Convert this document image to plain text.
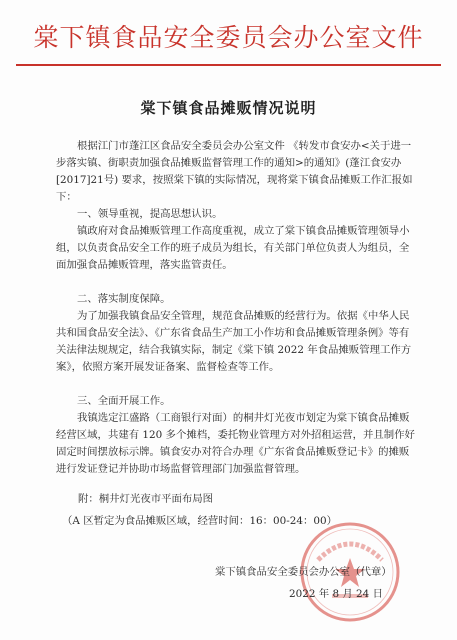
棠下镇食品安全委员会办公室文件
棠下镇食品摊贩情况说明

根据江门市蓬江区食品安全委员会办公室文件 《转发市食安办<关于进一步落实镇、街职责加强食品摊贩监督管理工作的通知>的通知》(蓬江食安办[2017]21号) 要求，按照棠下镇的实际情况，现将棠下镇食品摊贩工作汇报如下：

一、领导重视，提高思想认识。

镇政府对食品摊贩管理工作高度重视，成立了棠下镇食品摊贩管理领导小组，以负责食品安全工作的班子成员为组长，有关部门单位负责人为组员，全面加强食品摊贩管理，落实监管责任。

二、落实制度保障。

为了加强我镇食品安全管理，规范食品摊贩的经营行为。依据《中华人民共和国食品安全法》、《广东省食品生产加工小作坊和食品摊贩管理条例》等有关法律法规规定，结合我镇实际，制定《棠下镇 2022 年食品摊贩管理工作方案》，依照方案开展发证备案、监督检查等工作。

三、全面开展工作。

我镇选定江盛路（工商银行对面）的桐井灯光夜市划定为棠下镇食品摊贩经营区域，共建有 120 多个摊档，委托物业管理方对外招租运营，并且制作好固定时间摆放标示牌。镇食安办对符合办理《广东省食品摊贩登记卡》的摊贩进行发证登记并协助市场监督管理部门加强监督管理。

附：桐井灯光夜市平面布局图
（A 区暂定为食品摊贩区域，经营时间：16：00-24：00）
棠下镇食品安全委员会办公室（代章）
2022 年 8 月 24 日
